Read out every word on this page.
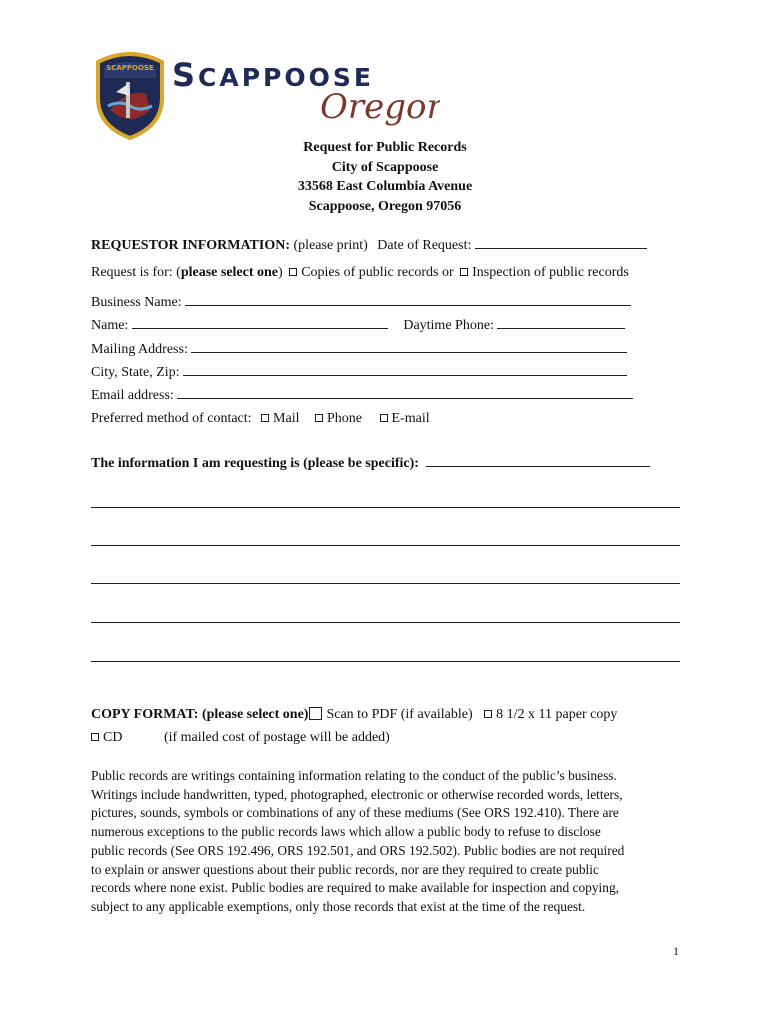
SCAPPOOSE S CAPPOOSE
Oregon
Request for Public Records
City of Scappoose
33568 East Columbia Avenue
Scappoose, Oregon 97056
REQUESTOR INFORMATION: (please print) Date of Request:
Request is for: (please select one) Copies of public records or Inspection of public records
Business Name:
Name:	Daytime Phone:
Mailing Address:
City, State, Zip:
Email address:
Preferred method of contact: Mail Phone E-mail
The information I am requesting is (please be specific):
COPY FORMAT: (please select one) Scan to PDF (if available) 8 1/2 x 11 paper copy
CD	(if mailed cost of postage will be added)
Public records are writings containing information relating to the conduct of the public’s business.
Writings include handwritten, typed, photographed, electronic or otherwise recorded words, letters,
pictures, sounds, symbols or combinations of any of these mediums (See ORS 192.410). There are
numerous exceptions to the public records laws which allow a public body to refuse to disclose
public records (See ORS 192.496, ORS 192.501, and ORS 192.502). Public bodies are not required
to explain or answer questions about their public records, nor are they required to create public
records where none exist. Public bodies are required to make available for inspection and copying,
subject to any applicable exemptions, only those records that exist at the time of the request.
1
